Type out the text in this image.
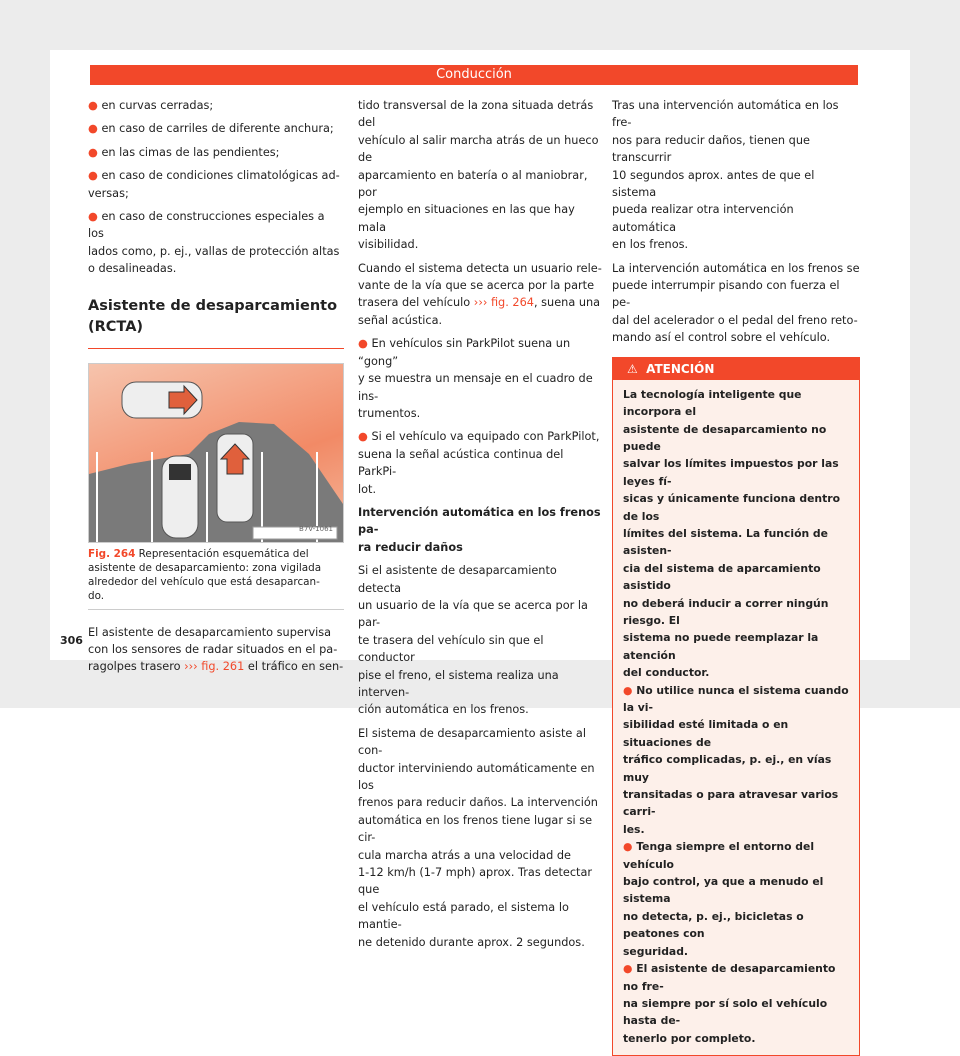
Conducción

● en curvas cerradas;

● en caso de carriles de diferente anchura;

● en las cimas de las pendientes;

● en caso de condiciones climatológicas ad-
versas;

● en caso de construcciones especiales a los
lados como, p. ej., vallas de protección altas
o desalineadas.

Asistente de desaparcamiento
(RCTA)
B7V-1061
Fig. 264 Representación esquemática del
asistente de desaparcamiento: zona vigilada
alrededor del vehículo que está desaparcan-
do.

El asistente de desaparcamiento supervisa
con los sensores de radar situados en el pa-
ragolpes trasero ››› fig. 261 el tráfico en sen-

tido transversal de la zona situada detrás del
vehículo al salir marcha atrás de un hueco de
aparcamiento en batería o al maniobrar, por
ejemplo en situaciones en las que hay mala
visibilidad.

Cuando el sistema detecta un usuario rele-
vante de la vía que se acerca por la parte
trasera del vehículo ››› fig. 264, suena una
señal acústica.

● En vehículos sin ParkPilot suena un “gong”
y se muestra un mensaje en el cuadro de ins-
trumentos.

● Si el vehículo va equipado con ParkPilot,
suena la señal acústica continua del ParkPi-
lot.

Intervención automática en los frenos pa-
ra reducir daños

Si el asistente de desaparcamiento detecta
un usuario de la vía que se acerca por la par-
te trasera del vehículo sin que el conductor
pise el freno, el sistema realiza una interven-
ción automática en los frenos.

El sistema de desaparcamiento asiste al con-
ductor interviniendo automáticamente en los
frenos para reducir daños. La intervención
automática en los frenos tiene lugar si se cir-
cula marcha atrás a una velocidad de
1-12 km/h (1-7 mph) aprox. Tras detectar que
el vehículo está parado, el sistema lo mantie-
ne detenido durante aprox. 2 segundos.

Tras una intervención automática en los fre-
nos para reducir daños, tienen que transcurrir
10 segundos aprox. antes de que el sistema
pueda realizar otra intervención automática
en los frenos.

La intervención automática en los frenos se
puede interrumpir pisando con fuerza el pe-
dal del acelerador o el pedal del freno reto-
mando así el control sobre el vehículo.

⚠ ATENCIÓN
La tecnología inteligente que incorpora el
asistente de desaparcamiento no puede
salvar los límites impuestos por las leyes fí-
sicas y únicamente funciona dentro de los
límites del sistema. La función de asisten-
cia del sistema de aparcamiento asistido
no deberá inducir a correr ningún riesgo. El
sistema no puede reemplazar la atención
del conductor.
● No utilice nunca el sistema cuando la vi-
sibilidad esté limitada o en situaciones de
tráfico complicadas, p. ej., en vías muy
transitadas o para atravesar varios carri-
les.
● Tenga siempre el entorno del vehículo
bajo control, ya que a menudo el sistema
no detecta, p. ej., bicicletas o peatones con
seguridad.
● El asistente de desaparcamiento no fre-
na siempre por sí solo el vehículo hasta de-
tenerlo por completo.
306
